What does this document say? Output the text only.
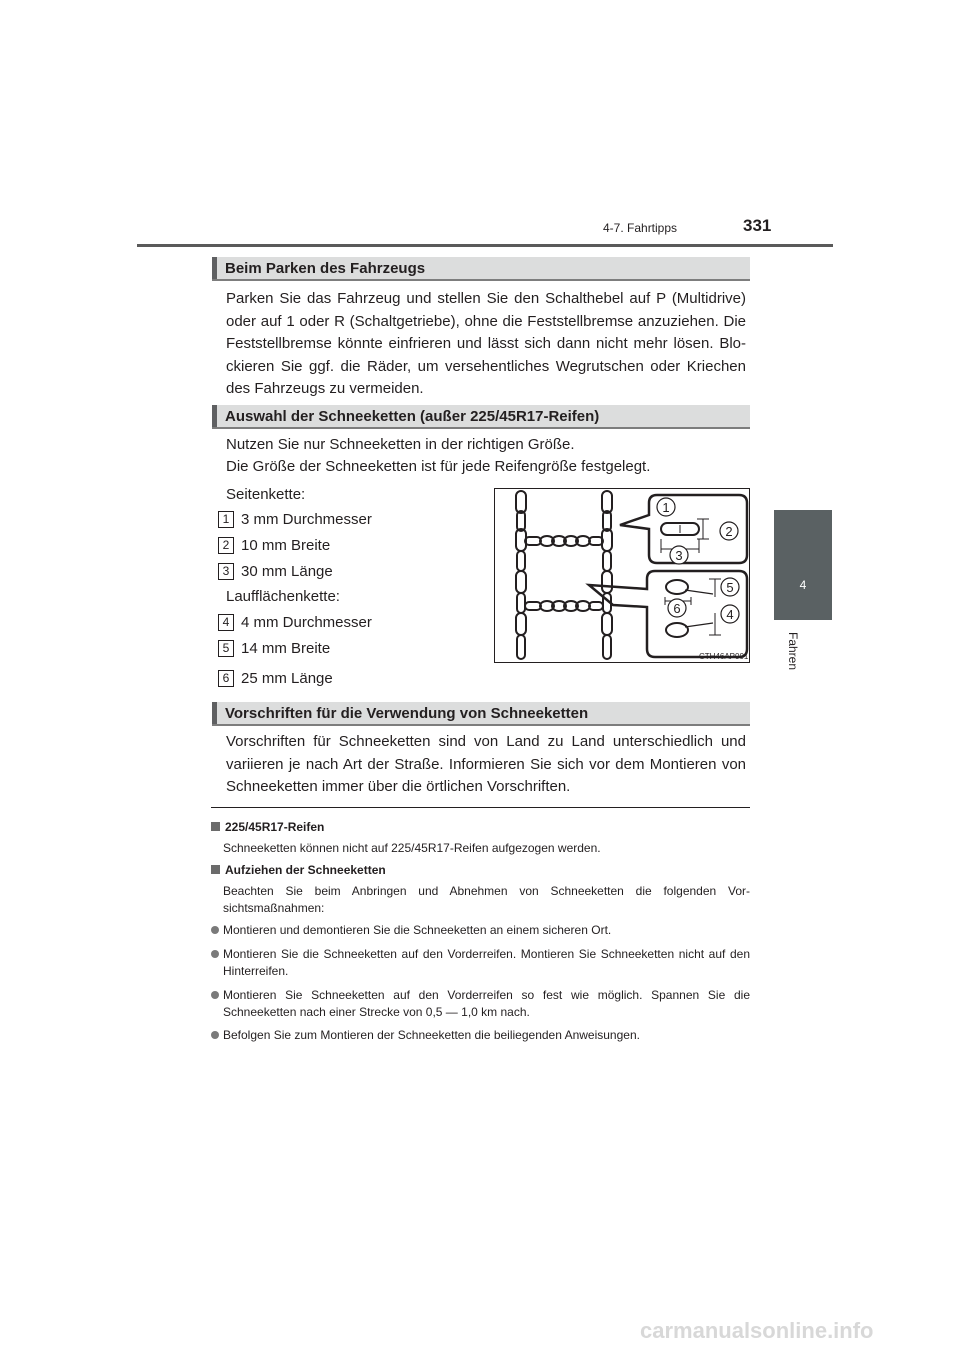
4-7. Fahrtipps	331
4
Fahren
Beim Parken des Fahrzeugs
Parken Sie das Fahrzeug und stellen Sie den Schalthebel auf P (Multidrive) oder auf 1 oder R (Schaltgetriebe), ohne die Feststellbremse anzuziehen. Die Feststellbremse könnte einfrieren und lässt sich dann nicht mehr lösen. Blo-ckieren Sie ggf. die Räder, um versehentliches Wegrutschen oder Kriechen des Fahrzeugs zu vermeiden.
Auswahl der Schneeketten (außer 225/45R17-Reifen)
Nutzen Sie nur Schneeketten in der richtigen Größe.
Die Größe der Schneeketten ist für jede Reifengröße festgelegt.
Seitenkette:
1 3 mm Durchmesser
2 10 mm Breite
3 30 mm Länge
Laufflächenkette:
4 4 mm Durchmesser
5 14 mm Breite
6 25 mm Länge
1
2
3
4
5
6
CTH46AP001
Vorschriften für die Verwendung von Schneeketten
Vorschriften für Schneeketten sind von Land zu Land unterschiedlich und variieren je nach Art der Straße. Informieren Sie sich vor dem Montieren von Schneeketten immer über die örtlichen Vorschriften.
225/45R17-Reifen
Schneeketten können nicht auf 225/45R17-Reifen aufgezogen werden.
Aufziehen der Schneeketten
Beachten Sie beim Anbringen und Abnehmen von Schneeketten die folgenden Vor-sichtsmaßnahmen:
Montieren und demontieren Sie die Schneeketten an einem sicheren Ort.
Montieren Sie die Schneeketten auf den Vorderreifen. Montieren Sie Schneeketten nicht auf den Hinterreifen.
Montieren Sie Schneeketten auf den Vorderreifen so fest wie möglich. Spannen Sie die Schneeketten nach einer Strecke von 0,5 — 1,0 km nach.
Befolgen Sie zum Montieren der Schneeketten die beiliegenden Anweisungen.
carmanualsonline.info
